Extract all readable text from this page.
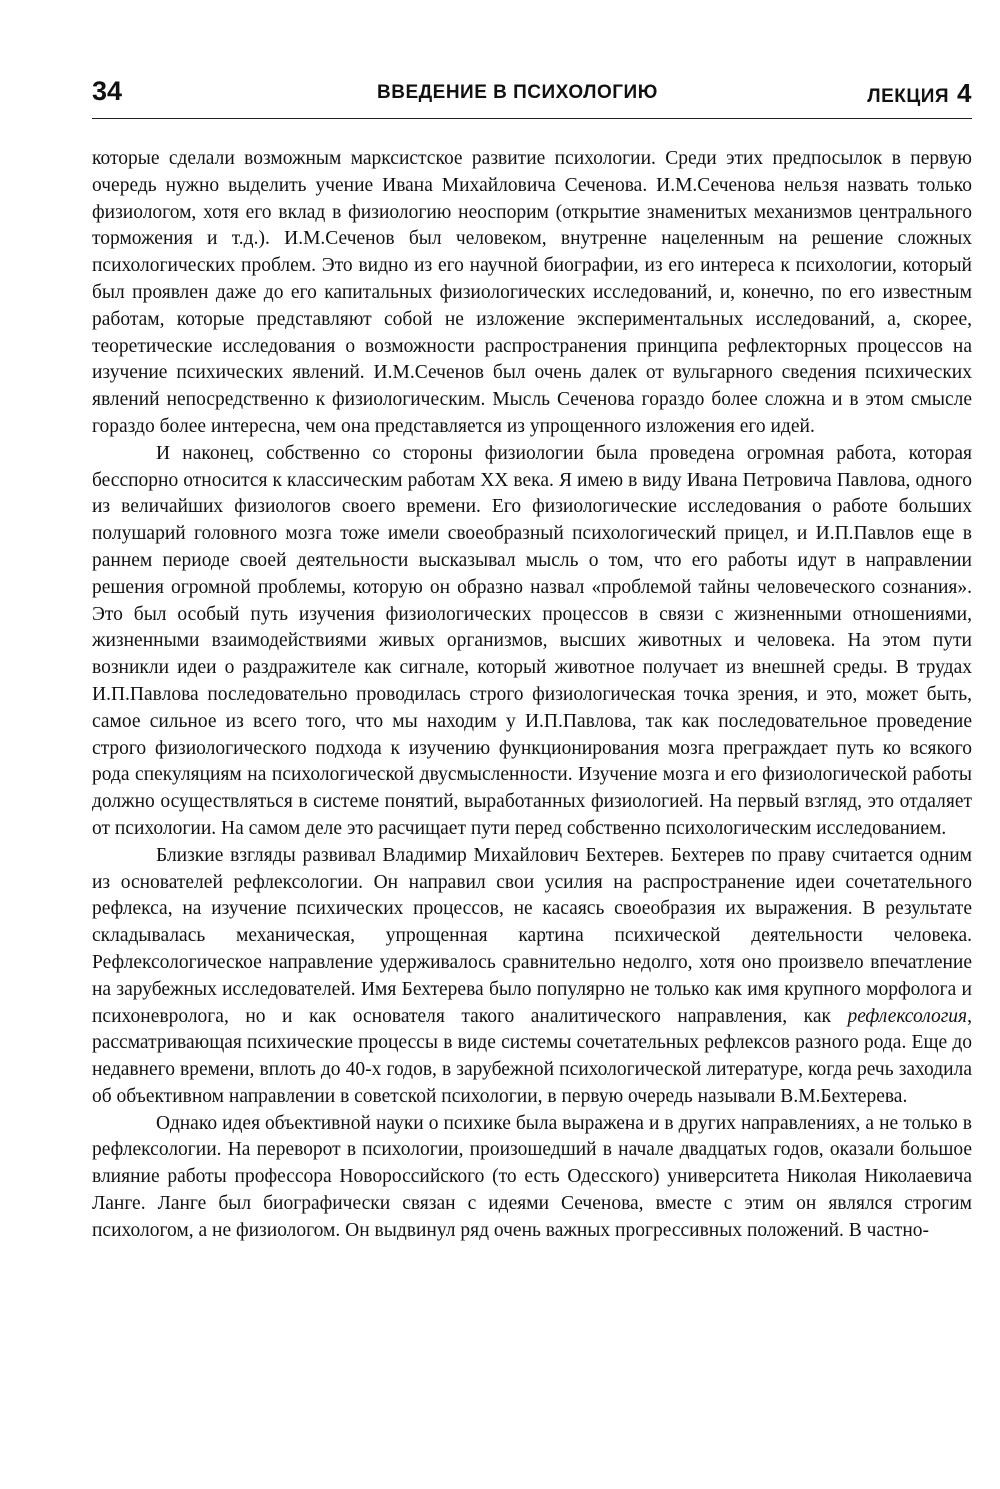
34	ВВЕДЕНИЕ В ПСИХОЛОГИЮ	ЛЕКЦИЯ 4

которые сделали возможным марксистское развитие психологии. Среди этих предпосылок в первую очередь нужно выделить учение Ивана Михайловича Сеченова. И.М.Сеченова нельзя назвать только физиологом, хотя его вклад в физиологию неоспорим (открытие знаменитых механизмов центрального торможения и т.д.). И.М.Сеченов был человеком, внутренне нацеленным на решение сложных психологических проблем. Это видно из его научной биографии, из его интереса к психологии, который был проявлен даже до его капитальных физиологических исследований, и, конечно, по его известным работам, которые представляют собой не изложение экспериментальных исследований, а, скорее, теоретические исследования о возможности распространения принципа рефлекторных процессов на изучение психических явлений. И.М.Сеченов был очень далек от вульгарного сведения психических явлений непосредственно к физиологическим. Мысль Сеченова гораздо более сложна и в этом смысле гораздо более интересна, чем она представляется из упрощенного изложения его идей.

И наконец, собственно со стороны физиологии была проведена огромная работа, которая бесспорно относится к классическим работам XX века. Я имею в виду Ивана Петровича Павлова, одного из величайших физиологов своего времени. Его физиологические исследования о работе больших полушарий головного мозга тоже имели своеобразный психологический прицел, и И.П.Павлов еще в раннем периоде своей деятельности высказывал мысль о том, что его работы идут в направлении решения огромной проблемы, которую он образно назвал «проблемой тайны человеческого сознания». Это был особый путь изучения физиологических процессов в связи с жизненными отношениями, жизненными взаимодействиями живых организмов, высших животных и человека. На этом пути возникли идеи о раздражителе как сигнале, который животное получает из внешней среды. В трудах И.П.Павлова последовательно проводилась строго физиологическая точка зрения, и это, может быть, самое сильное из всего того, что мы находим у И.П.Павлова, так как последовательное проведение строго физиологического подхода к изучению функционирования мозга преграждает путь ко всякого рода спекуляциям на психологической двусмысленности. Изучение мозга и его физиологической работы должно осуществляться в системе понятий, выработанных физиологией. На первый взгляд, это отдаляет от психологии. На самом деле это расчищает пути перед собственно психологическим исследованием.

Близкие взгляды развивал Владимир Михайлович Бехтерев. Бехтерев по праву считается одним из основателей рефлексологии. Он направил свои усилия на распространение идеи сочетательного рефлекса, на изучение психических процессов, не касаясь своеобразия их выражения. В результате складывалась механическая, упрощенная картина психической деятельности человека. Рефлексологическое направление удерживалось сравнительно недолго, хотя оно произвело впечатление на зарубежных исследователей. Имя Бехтерева было популярно не только как имя крупного морфолога и психоневролога, но и как основателя такого аналитического направления, как рефлексология, рассматривающая психические процессы в виде системы сочетательных рефлексов разного рода. Еще до недавнего времени, вплоть до 40-х годов, в зарубежной психологической литературе, когда речь заходила об объективном направлении в советской психологии, в первую очередь называли В.М.Бехтерева.

Однако идея объективной науки о психике была выражена и в других направлениях, а не только в рефлексологии. На переворот в психологии, произошедший в начале двадцатых годов, оказали большое влияние работы профессора Новороссийского (то есть Одесского) университета Николая Николаевича Ланге. Ланге был биографически связан с идеями Сеченова, вместе с этим он являлся строгим психологом, а не физиологом. Он выдвинул ряд очень важных прогрессивных положений. В частно-
